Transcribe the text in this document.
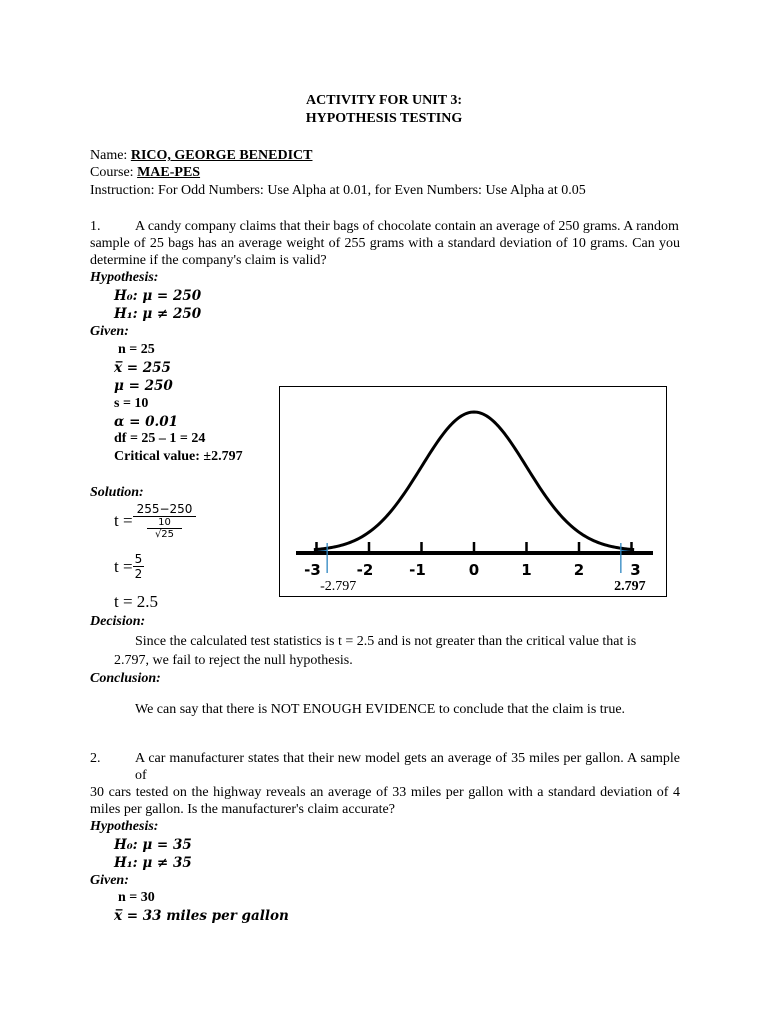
ACTIVITY FOR UNIT 3:
HYPOTHESIS TESTING
Name: RICO, GEORGE BENEDICT
Course: MAE-PES
Instruction: For Odd Numbers: Use Alpha at 0.01, for Even Numbers: Use Alpha at 0.05
1.	A candy company claims that their bags of chocolate contain an average of 250 grams. A random
sample of 25 bags has an average weight of 255 grams with a standard deviation of 10 grams. Can you determine if the company's claim is valid?
Hypothesis:
H₀: μ = 250
H₁: μ ≠ 250
Given:
n = 25
x̅ = 255
μ = 250
s = 10
α = 0.01
df = 25 – 1 = 24
Critical value: ±2.797
Solution:
t = 255−250
10
√25
$t = \frac{5}{2}$
t = 2.5
Decision:
Since the calculated test statistics is t = 2.5 and is not greater than the critical value that is
2.797, we fail to reject the null hypothesis.
Conclusion:
We can say that there is NOT ENOUGH EVIDENCE to conclude that the claim is true.
-3 -2 -1	0	1	2	3
-2.797	2.797
2.	A car manufacturer states that their new model gets an average of 35 miles per gallon. A sample of
30 cars tested on the highway reveals an average of 33 miles per gallon with a standard deviation of 4 miles per gallon. Is the manufacturer's claim accurate?
Hypothesis:
H₀: μ = 35
H₁: μ ≠ 35
Given:
n = 30
x̅ = 33 miles per gallon
